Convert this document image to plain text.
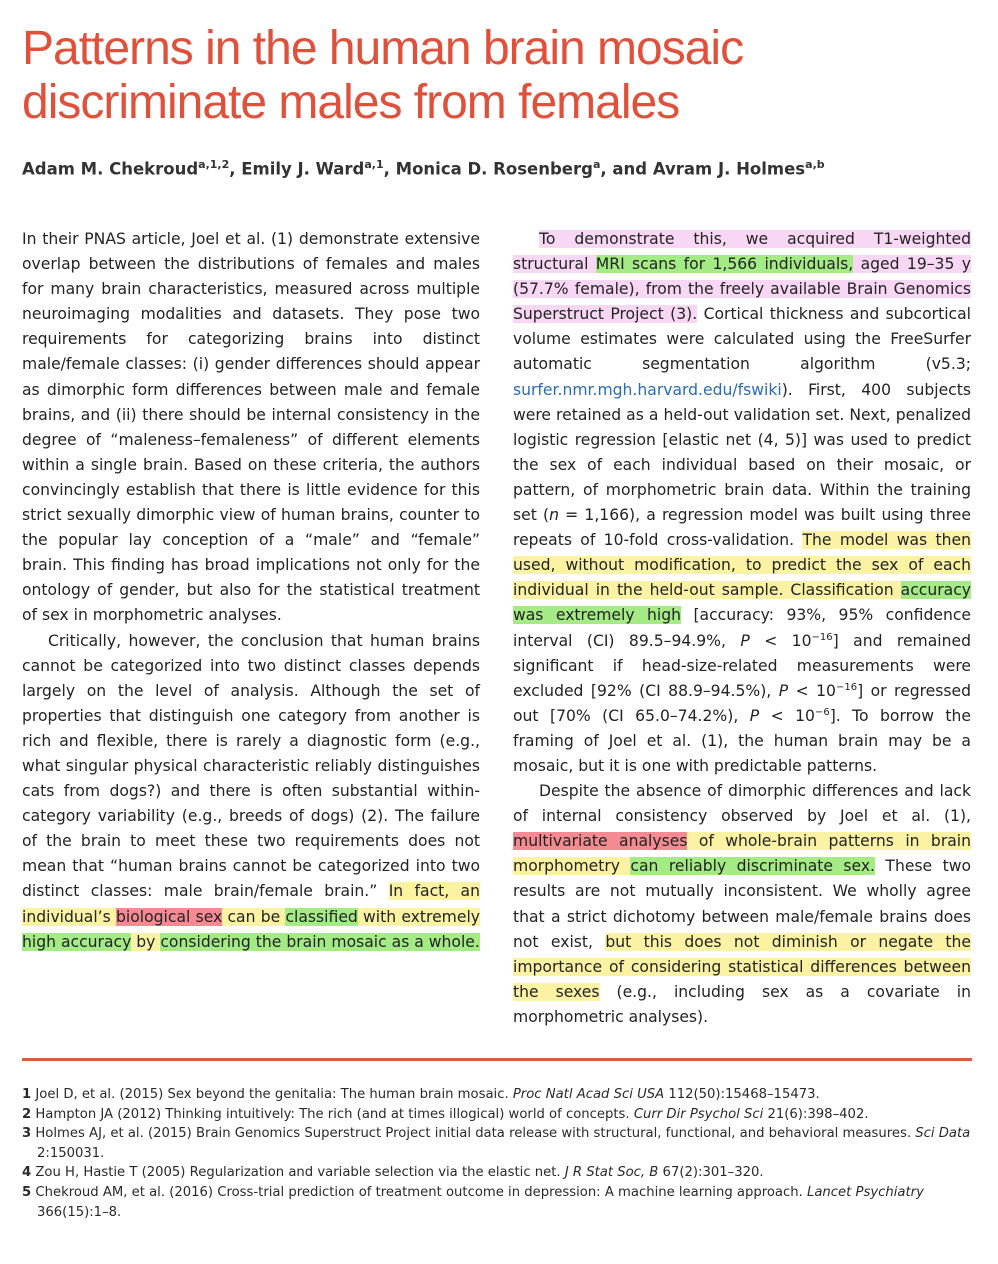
Patterns in the human brain mosaic discriminate males from females
Adam M. Chekroud$^{a,1,2}$, Emily J. Ward$^{a,1}$, Monica D. Rosenberg$^a$, and Avram J. Holmes$^{a,b}$

In their PNAS article, Joel et al. (1) demonstrate extensive overlap between the distributions of females and males for many brain characteristics, measured across multiple neuroimaging modalities and datasets. They pose two requirements for categorizing brains into distinct male/female classes: (i) gender differences should appear as dimorphic form differences between male and female brains, and (ii) there should be internal consistency in the degree of “maleness–femaleness” of different elements within a single brain. Based on these criteria, the authors convincingly establish that there is little evidence for this strict sexually dimorphic view of human brains, counter to the popular lay conception of a “male” and “female” brain. This finding has broad implications not only for the ontology of gender, but also for the statistical treatment of sex in morphometric analyses.

Critically, however, the conclusion that human brains cannot be categorized into two distinct classes depends largely on the level of analysis. Although the set of properties that distinguish one category from another is rich and flexible, there is rarely a diagnostic form (e.g., what singular physical characteristic reliably distinguishes cats from dogs?) and there is often substantial within-category variability (e.g., breeds of dogs) (2). The failure of the brain to meet these two requirements does not mean that “human brains cannot be categorized into two distinct classes: male brain/female brain.” In fact, an individual’s biological sex can be classified with extremely high accuracy by considering the brain mosaic as a whole.

To demonstrate this, we acquired T1-weighted structural MRI scans for 1,566 individuals, aged 19–35 y (57.7% female), from the freely available Brain Genomics Superstruct Project (3). Cortical thickness and subcortical volume estimates were calculated using the FreeSurfer automatic segmentation algorithm (v5.3; surfer.nmr.mgh.harvard.edu/fswiki). First, 400 subjects were retained as a held-out validation set. Next, penalized logistic regression [elastic net (4, 5)] was used to predict the sex of each individual based on their mosaic, or pattern, of morphometric brain data. Within the training set (n = 1,166), a regression model was built using three repeats of 10-fold cross-validation. The model was then used, without modification, to predict the sex of each individual in the held-out sample. Classification accuracy was extremely high [accuracy: 93%, 95% confidence interval (CI) 89.5–94.9%, $P < 10^{-16}$] and remained significant if head-size-related measurements were excluded [92% (CI 88.9–94.5%), $P < 10^{-16}$] or regressed out [70% (CI 65.0–74.2%), $P < 10^{-6}$]. To borrow the framing of Joel et al. (1), the human brain may be a mosaic, but it is one with predictable patterns.

Despite the absence of dimorphic differences and lack of internal consistency observed by Joel et al. (1), multivariate analyses of whole-brain patterns in brain morphometry can reliably discriminate sex. These two results are not mutually inconsistent. We wholly agree that a strict dichotomy between male/female brains does not exist, but this does not diminish or negate the importance of considering statistical differences between the sexes (e.g., including sex as a covariate in morphometric analyses).

1 Joel D, et al. (2015) Sex beyond the genitalia: The human brain mosaic. Proc Natl Acad Sci USA 112(50):15468–15473.

2 Hampton JA (2012) Thinking intuitively: The rich (and at times illogical) world of concepts. Curr Dir Psychol Sci 21(6):398–402.

3 Holmes AJ, et al. (2015) Brain Genomics Superstruct Project initial data release with structural, functional, and behavioral measures. Sci Data 2:150031.

4 Zou H, Hastie T (2005) Regularization and variable selection via the elastic net. J R Stat Soc, B 67(2):301–320.

5 Chekroud AM, et al. (2016) Cross-trial prediction of treatment outcome in depression: A machine learning approach. Lancet Psychiatry 366(15):1–8.
